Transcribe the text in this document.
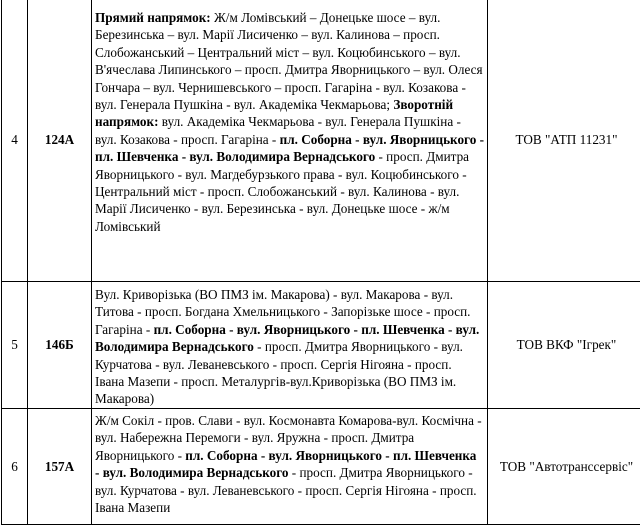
4	124А	Прямий напрямок: Ж/м Ломівський – Донецьке шосе – вул. Березинська – вул. Марії Лисиченко – вул. Калинова – просп. Слобожанський – Центральний міст – вул. Коцюбинського – вул. В'ячеслава Липинського – просп. Дмитра Яворницького – вул. Олеся Гончара – вул. Чернишевського – просп. Гагаріна - вул. Козакова - вул. Генерала Пушкіна - вул. Академіка Чекмарьова; Зворотній напрямок: вул. Академіка Чекмарьова - вул. Генерала Пушкіна - вул. Козакова - просп. Гагаріна - пл. Соборна - вул. Яворницького - пл. Шевченка - вул. Володимира Вернадського - просп. Дмитра Яворницького - вул. Магдебурзького права - вул. Коцюбинського - Центральний міст - просп. Слобожанський - вул. Калинова - вул. Марії Лисиченко - вул. Березинська - вул. Донецьке шосе - ж/м Ломівський	ТОВ "АТП 11231"
5	146Б	Вул. Криворізька (ВО ПМЗ ім. Макарова) - вул. Макарова - вул. Титова - просп. Богдана Хмельницького - Запорізьке шосе - просп. Гагаріна - пл. Соборна - вул. Яворницького - пл. Шевченка - вул. Володимира Вернадського - просп. Дмитра Яворницького - вул. Курчатова - вул. Леваневського - просп. Сергія Нігояна - просп. Івана Мазепи - просп. Металургів-вул.Криворізька (ВО ПМЗ ім. Макарова)	ТОВ ВКФ "Ігрек"
6	157А	Ж/м Сокіл - пров. Слави - вул. Космонавта Комарова-вул. Космічна - вул. Набережна Перемоги - вул. Яружна - просп. Дмитра Яворницького - пл. Соборна - вул. Яворницького - пл. Шевченка - вул. Володимира Вернадського - просп. Дмитра Яворницького - вул. Курчатова - вул. Леваневського - просп. Сергія Нігояна - просп. Івана Мазепи	ТОВ "Автотранссервіс"
